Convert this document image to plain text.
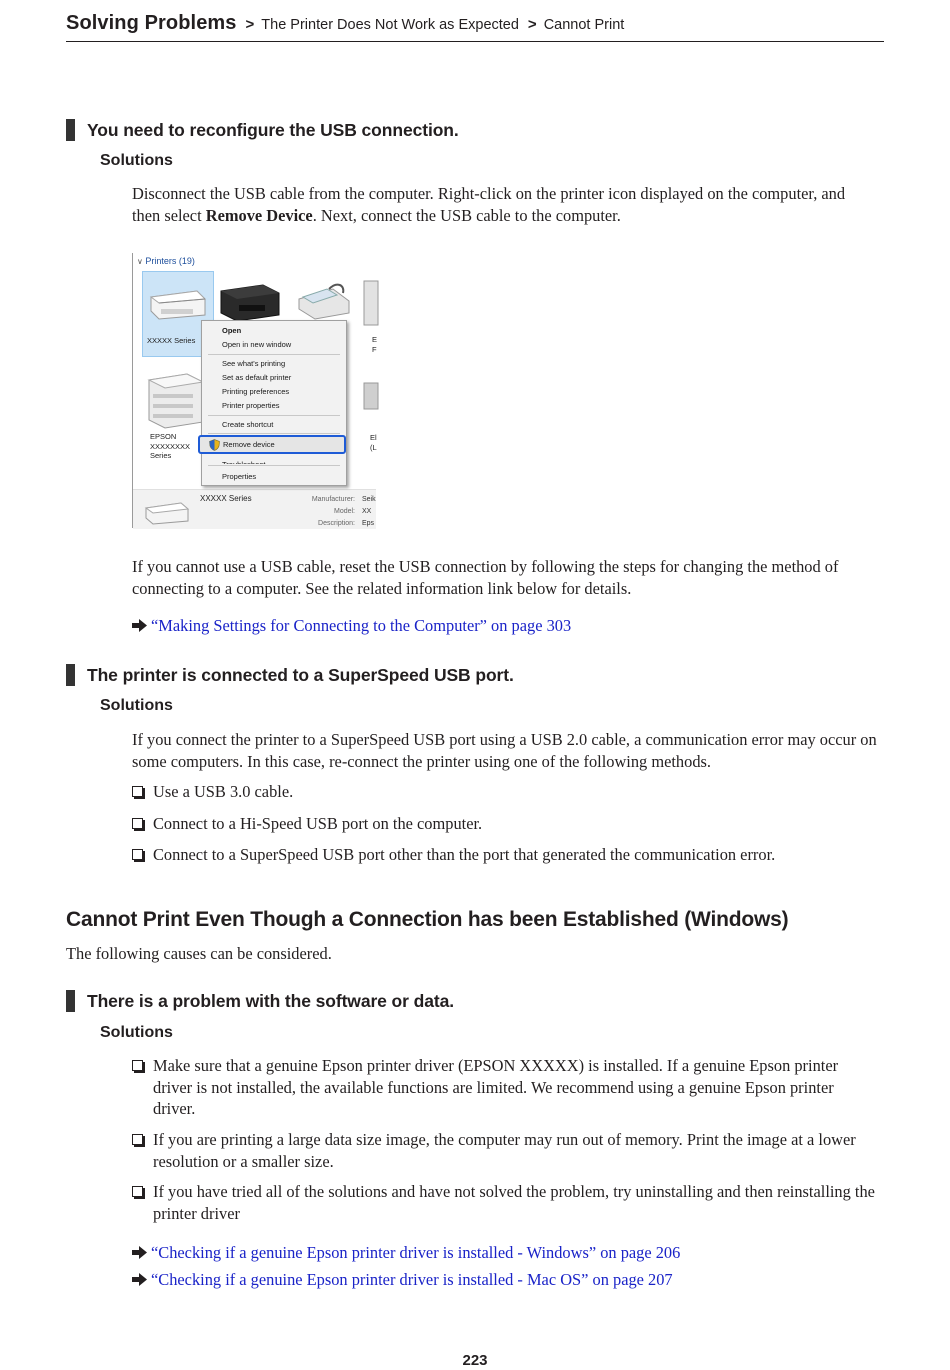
Solving Problems > The Printer Does Not Work as Expected > Cannot Print
You need to reconfigure the USB connection.
Solutions
Disconnect the USB cable from the computer. Right-click on the printer icon displayed on the computer, and then select Remove Device. Next, connect the USB cable to the computer.
∨ Printers (19)
XXXXX Series	E
F
EPSON
XXXXXXXX
Series
El
(L
XXXXX Series	Manufacturer: Seik
Model: XX
Description: Eps
Open
Open in new window
See what's printing
Set as default printer
Printing preferences
Printer properties
Create shortcut
Remove device
Properties
If you cannot use a USB cable, reset the USB connection by following the steps for changing the method of connecting to a computer. See the related information link below for details.
“Making Settings for Connecting to the Computer” on page 303
The printer is connected to a SuperSpeed USB port.
Solutions
If you connect the printer to a SuperSpeed USB port using a USB 2.0 cable, a communication error may occur on some computers. In this case, re-connect the printer using one of the following methods.
Use a USB 3.0 cable.
Connect to a Hi-Speed USB port on the computer.
Connect to a SuperSpeed USB port other than the port that generated the communication error.
Cannot Print Even Though a Connection has been Established (Windows)
The following causes can be considered.
There is a problem with the software or data.
Solutions
Make sure that a genuine Epson printer driver (EPSON XXXXX) is installed. If a genuine Epson printer driver is not installed, the available functions are limited. We recommend using a genuine Epson printer driver.
If you are printing a large data size image, the computer may run out of memory. Print the image at a lower resolution or a smaller size.
If you have tried all of the solutions and have not solved the problem, try uninstalling and then reinstalling the printer driver
“Checking if a genuine Epson printer driver is installed - Windows” on page 206
“Checking if a genuine Epson printer driver is installed - Mac OS” on page 207
223
